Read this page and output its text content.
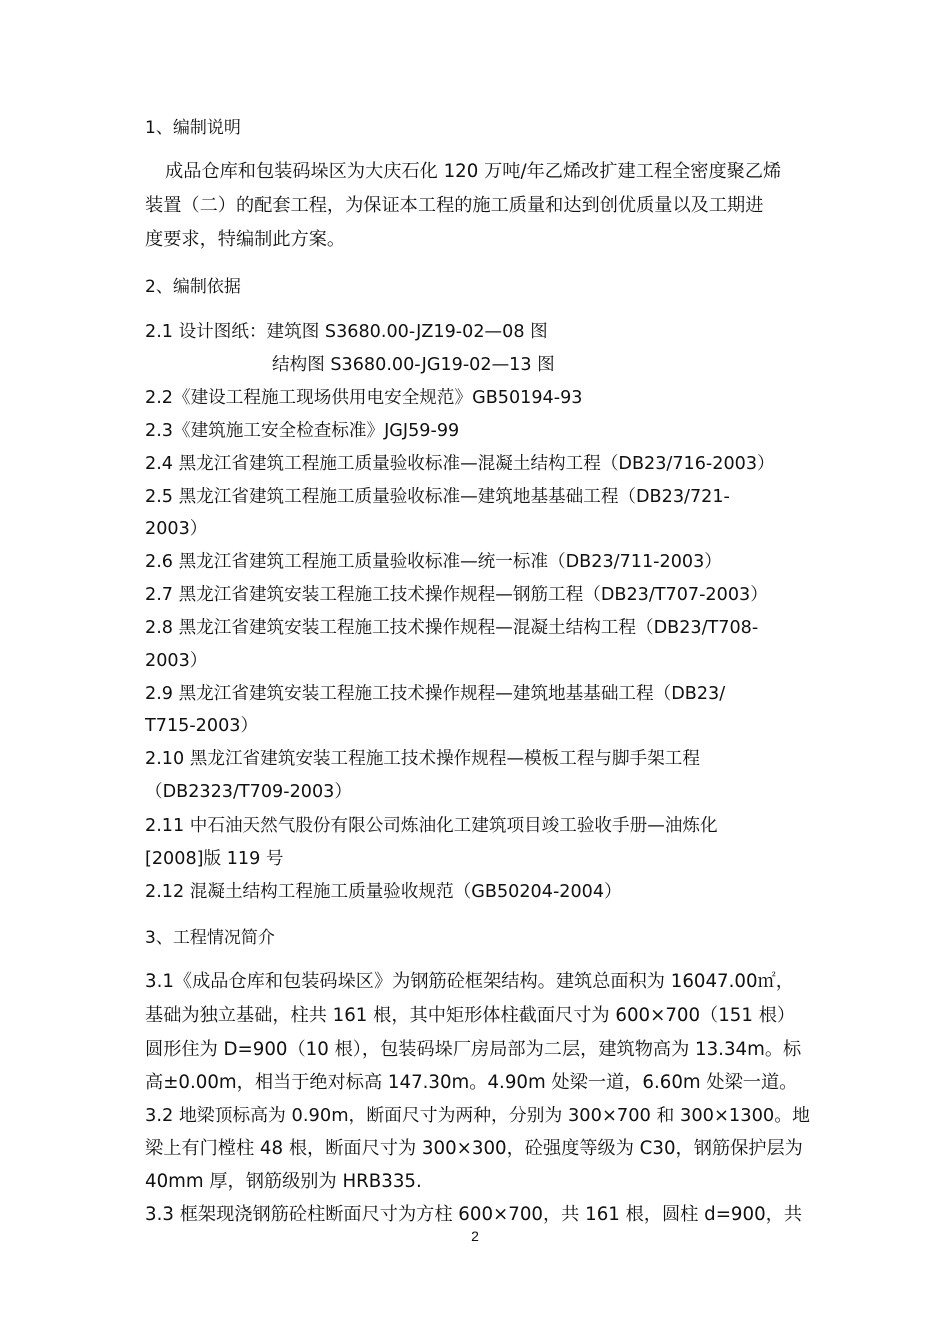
1、编制说明
成品仓库和包装码垛区为大庆石化 120 万吨/年乙烯改扩建工程全密度聚乙烯
装置（二）的配套工程，为保证本工程的施工质量和达到创优质量以及工期进
度要求，特编制此方案。
2、编制依据
2.1 设计图纸：建筑图 S3680.00-JZ19-02—08 图
结构图 S3680.00-JG19-02—13 图
2.2《建设工程施工现场供用电安全规范》GB50194-93
2.3《建筑施工安全检查标准》JGJ59-99
2.4 黑龙江省建筑工程施工质量验收标准—混凝土结构工程（DB23/716-2003）
2.5 黑龙江省建筑工程施工质量验收标准—建筑地基基础工程（DB23/721-
2003）
2.6 黑龙江省建筑工程施工质量验收标准—统一标准（DB23/711-2003）
2.7 黑龙江省建筑安装工程施工技术操作规程—钢筋工程（DB23/T707-2003）
2.8 黑龙江省建筑安装工程施工技术操作规程—混凝土结构工程（DB23/T708-
2003）
2.9 黑龙江省建筑安装工程施工技术操作规程—建筑地基基础工程（DB23/
T715-2003）
2.10 黑龙江省建筑安装工程施工技术操作规程—模板工程与脚手架工程
（DB2323/T709-2003）
2.11 中石油天然气股份有限公司炼油化工建筑项目竣工验收手册—油炼化
[2008]版 119 号
2.12 混凝土结构工程施工质量验收规范（GB50204-2004）
3、工程情况简介
3.1《成品仓库和包装码垛区》为钢筋砼框架结构。建筑总面积为 16047.00㎡，
基础为独立基础，柱共 161 根，其中矩形体柱截面尺寸为 600×700（151 根）
圆形住为 D=900（10 根），包装码垛厂房局部为二层，建筑物高为 13.34m。标
高±0.00m，相当于绝对标高 147.30m。4.90m 处梁一道，6.60m 处梁一道。
3.2 地梁顶标高为 0.90m，断面尺寸为两种，分别为 300×700 和 300×1300。地
梁上有门樘柱 48 根，断面尺寸为 300×300，砼强度等级为 C30，钢筋保护层为
40mm 厚，钢筋级别为 HRB335.
3.3 框架现浇钢筋砼柱断面尺寸为方柱 600×700，共 161 根，圆柱 d=900，共
2
